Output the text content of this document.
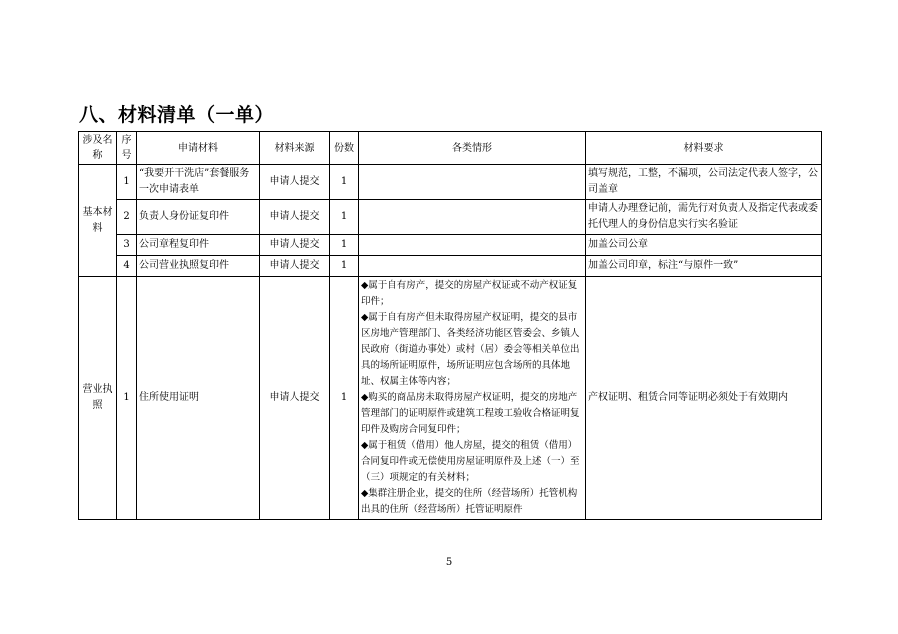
八、材料清单（一单）
涉及名称	序号	申请材料	材料来源	份数	各类情形	材料要求
基本材料	1	“我要开干洗店”套餐服务一次申请表单	申请人提交	1		填写规范，工整，不漏项，公司法定代表人签字，公司盖章
	2	负责人身份证复印件	申请人提交	1		申请人办理登记前，需先行对负责人及指定代表或委托代理人的身份信息实行实名验证
	3	公司章程复印件	申请人提交	1		加盖公司公章
	4	公司营业执照复印件	申请人提交	1		加盖公司印章，标注“与原件一致”
营业执照	1	住所使用证明	申请人提交	1	◆属于自有房产，提交的房屋产权证或不动产权证复印件；
◆属于自有房产但未取得房屋产权证明，提交的县市区房地产管理部门、各类经济功能区管委会、乡镇人民政府（街道办事处）或村（居）委会等相关单位出具的场所证明原件，场所证明应包含场所的具体地址、权属主体等内容；
◆购买的商品房未取得房屋产权证明，提交的房地产管理部门的证明原件或建筑工程竣工验收合格证明复印件及购房合同复印件；
◆属于租赁（借用）他人房屋，提交的租赁（借用）合同复印件或无偿使用房屋证明原件及上述（一）至（三）项规定的有关材料；
◆集群注册企业，提交的住所（经营场所）托管机构出具的住所（经营场所）托管证明原件	产权证明、租赁合同等证明必须处于有效期内
5
